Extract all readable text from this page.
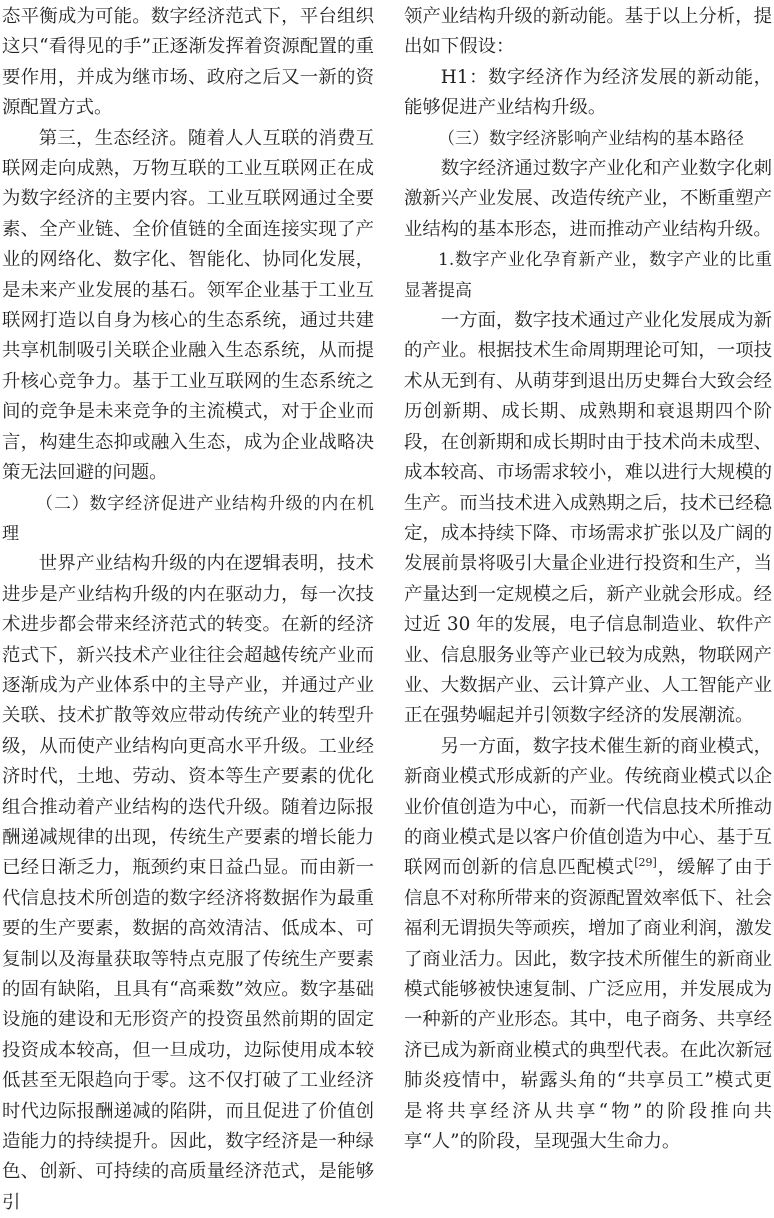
态平衡成为可能。数字经济范式下，平台组织这只“看得见的手”正逐渐发挥着资源配置的重要作用，并成为继市场、政府之后又一新的资源配置方式。

第三，生态经济。随着人人互联的消费互联网走向成熟，万物互联的工业互联网正在成为数字经济的主要内容。工业互联网通过全要素、全产业链、全价值链的全面连接实现了产业的网络化、数字化、智能化、协同化发展，是未来产业发展的基石。领军企业基于工业互联网打造以自身为核心的生态系统，通过共建共享机制吸引关联企业融入生态系统，从而提升核心竞争力。基于工业互联网的生态系统之间的竞争是未来竞争的主流模式，对于企业而言，构建生态抑或融入生态，成为企业战略决策无法回避的问题。

（二）数字经济促进产业结构升级的内在机理

世界产业结构升级的内在逻辑表明，技术进步是产业结构升级的内在驱动力，每一次技术进步都会带来经济范式的转变。在新的经济范式下，新兴技术产业往往会超越传统产业而逐渐成为产业体系中的主导产业，并通过产业关联、技术扩散等效应带动传统产业的转型升级，从而使产业结构向更高水平升级。工业经济时代，土地、劳动、资本等生产要素的优化组合推动着产业结构的迭代升级。随着边际报酬递减规律的出现，传统生产要素的增长能力已经日渐乏力，瓶颈约束日益凸显。而由新一代信息技术所创造的数字经济将数据作为最重要的生产要素，数据的高效清洁、低成本、可复制以及海量获取等特点克服了传统生产要素的固有缺陷，且具有“高乘数”效应。数字基础设施的建设和无形资产的投资虽然前期的固定投资成本较高，但一旦成功，边际使用成本较低甚至无限趋向于零。这不仅打破了工业经济时代边际报酬递减的陷阱，而且促进了价值创造能力的持续提升。因此，数字经济是一种绿色、创新、可持续的高质量经济范式，是能够引

领产业结构升级的新动能。基于以上分析，提出如下假设：

H1：数字经济作为经济发展的新动能，能够促进产业结构升级。

（三）数字经济影响产业结构的基本路径

数字经济通过数字产业化和产业数字化刺激新兴产业发展、改造传统产业，不断重塑产业结构的基本形态，进而推动产业结构升级。

1.数字产业化孕育新产业，数字产业的比重显著提高

一方面，数字技术通过产业化发展成为新的产业。根据技术生命周期理论可知，一项技术从无到有、从萌芽到退出历史舞台大致会经历创新期、成长期、成熟期和衰退期四个阶段，在创新期和成长期时由于技术尚未成型、成本较高、市场需求较小，难以进行大规模的生产。而当技术进入成熟期之后，技术已经稳定，成本持续下降、市场需求扩张以及广阔的发展前景将吸引大量企业进行投资和生产，当产量达到一定规模之后，新产业就会形成。经过近 30 年的发展，电子信息制造业、软件产业、信息服务业等产业已较为成熟，物联网产业、大数据产业、云计算产业、人工智能产业正在强势崛起并引领数字经济的发展潮流。

另一方面，数字技术催生新的商业模式，新商业模式形成新的产业。传统商业模式以企业价值创造为中心，而新一代信息技术所推动的商业模式是以客户价值创造为中心、基于互联网而创新的信息匹配模式[29]，缓解了由于信息不对称所带来的资源配置效率低下、社会福利无谓损失等顽疾，增加了商业利润，激发了商业活力。因此，数字技术所催生的新商业模式能够被快速复制、广泛应用，并发展成为一种新的产业形态。其中，电子商务、共享经济已成为新商业模式的典型代表。在此次新冠肺炎疫情中，崭露头角的“共享员工”模式更是将共享经济从共享“物”的阶段推向共享“人”的阶段，呈现强大生命力。
